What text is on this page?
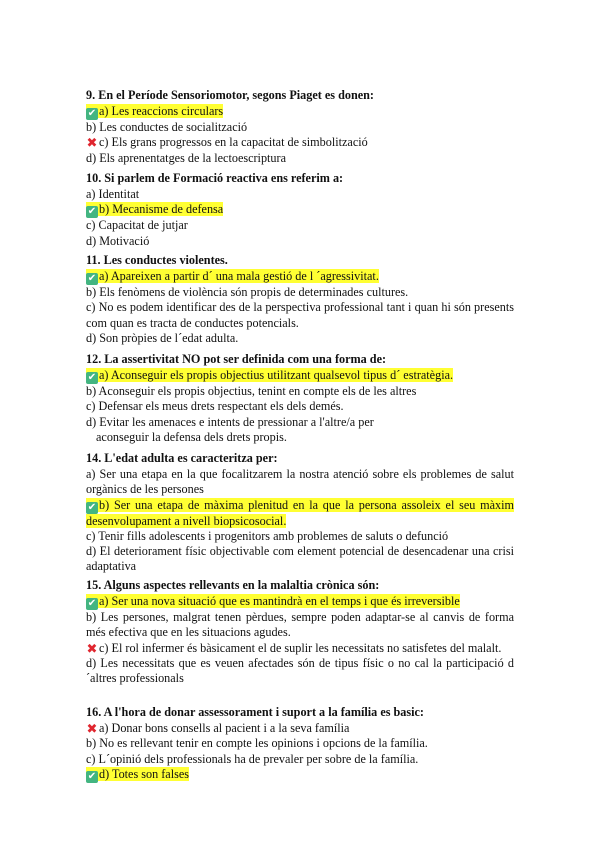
9. En el Període Sensoriomotor, segons Piaget es donen:
✔ a) Les reaccions circulars
b) Les conductes de socialització
✖ c) Els grans progressos en la capacitat de simbolització
d) Els aprenentatges de la lectoescriptura
10. Si parlem de Formació reactiva ens referim a:
a) Identitat
✔ b) Mecanisme de defensa
c) Capacitat de jutjar
d) Motivació
11. Les conductes violentes.
✔ a) Apareixen a partir d´ una mala gestió de l ´agressivitat.
b) Els fenòmens de violència són propis de determinades cultures.
c) No es podem identificar des de la perspectiva professional tant i quan hi són presents com quan es tracta de conductes potencials.
d) Son pròpies de l´edat adulta.
12. La assertivitat NO pot ser definida com una forma de:
✔ a) Aconseguir els propis objectius utilitzant qualsevol tipus d´ estratègia.
b) Aconseguir els propis objectius, tenint en compte els de les altres
c) Defensar els meus drets respectant els dels demés.
d) Evitar les amenaces e intents de pressionar a l'altre/a per
aconseguir la defensa dels drets propis.
14. L'edat adulta es caracteritza per:
a) Ser una etapa en la que focalitzarem la nostra atenció sobre els problemes de salut orgànics de les persones
✔ b) Ser una etapa de màxima plenitud en la que la persona assoleix el seu màxim desenvolupament a nivell biopsicosocial.
c) Tenir fills adolescents i progenitors amb problemes de saluts o defunció
d) El deteriorament físic objectivable com element potencial de desencadenar una crisi adaptativa
15. Alguns aspectes rellevants en la malaltia crònica són:
✔ a) Ser una nova situació que es mantindrà en el temps i que és irreversible
b) Les persones, malgrat tenen pèrdues, sempre poden adaptar-se al canvis de forma més efectiva que en les situacions agudes.
✖ c) El rol infermer és bàsicament el de suplir les necessitats no satisfetes del malalt.
d) Les necessitats que es veuen afectades són de tipus físic o no cal la participació d´altres professionals
16. A l'hora de donar assessorament i suport a la família es basic:
✖ a) Donar bons consells al pacient i a la seva família
b) No es rellevant tenir en compte les opinions i opcions de la família.
c) L´opinió dels professionals ha de prevaler per sobre de la família.
✔ d) Totes son falses
